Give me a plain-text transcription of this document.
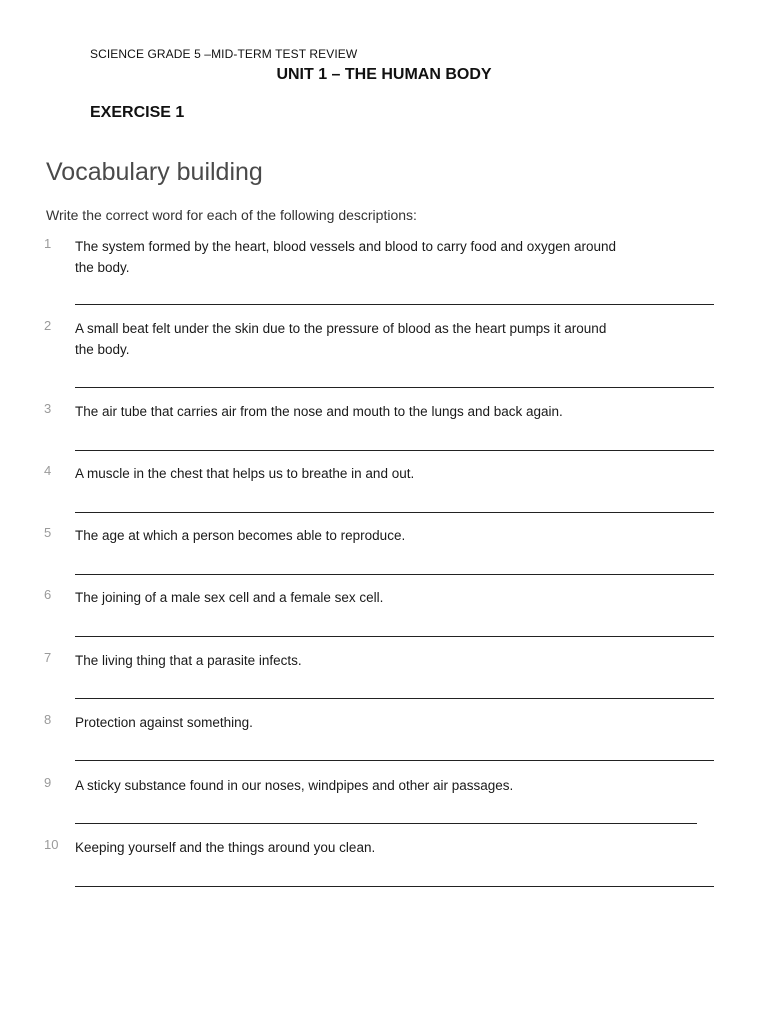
SCIENCE GRADE 5 –MID-TERM TEST REVIEW
UNIT 1 – THE HUMAN BODY
EXERCISE 1
Vocabulary building
Write the correct word for each of the following descriptions:
1	The system formed by the heart, blood vessels and blood to carry food and oxygen around the body.
2	A small beat felt under the skin due to the pressure of blood as the heart pumps it around the body.
3	The air tube that carries air from the nose and mouth to the lungs and back again.
4	A muscle in the chest that helps us to breathe in and out.
5	The age at which a person becomes able to reproduce.
6	The joining of a male sex cell and a female sex cell.
7	The living thing that a parasite infects.
8	Protection against something.
9	A sticky substance found in our noses, windpipes and other air passages.
10	Keeping yourself and the things around you clean.
